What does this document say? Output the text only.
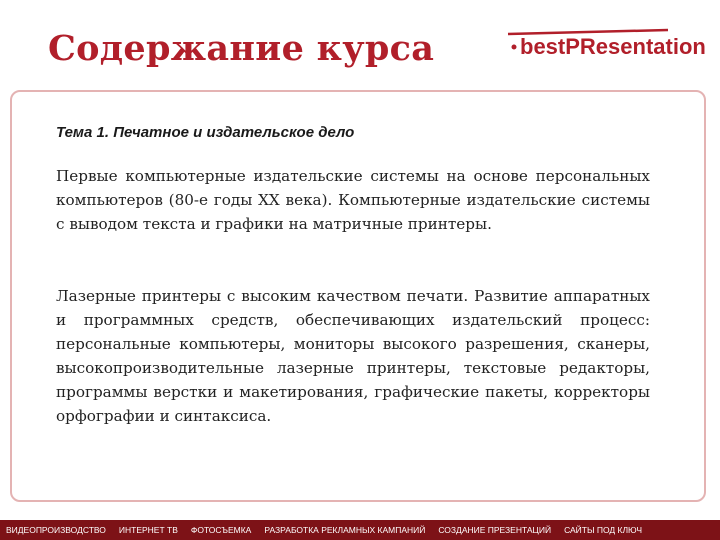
Содержание курса	bestPResentation
Тема 1. Печатное и издательское дело
Первые компьютерные издательские системы на основе персональных компьютеров (80-е годы XX века). Компьютерные издательские системы с выводом текста и графики на матричные принтеры.
Лазерные принтеры с высоким качеством печати. Развитие аппаратных и программных средств, обеспечивающих издательский процесс: персональные компьютеры, мониторы высокого разрешения, сканеры, высокопроизводительные лазерные принтеры, текстовые редакторы, программы верстки и макетирования, графические пакеты, корректоры орфографии и синтаксиса.
ВИДЕОПРОИЗВОДСТВО ИНТЕРНЕТ ТВ ФОТОСЪЕМКА РАЗРАБОТКА РЕКЛАМНЫХ КАМПАНИЙ СОЗДАНИЕ ПРЕЗЕНТАЦИЙ САЙТЫ ПОД КЛЮЧ
